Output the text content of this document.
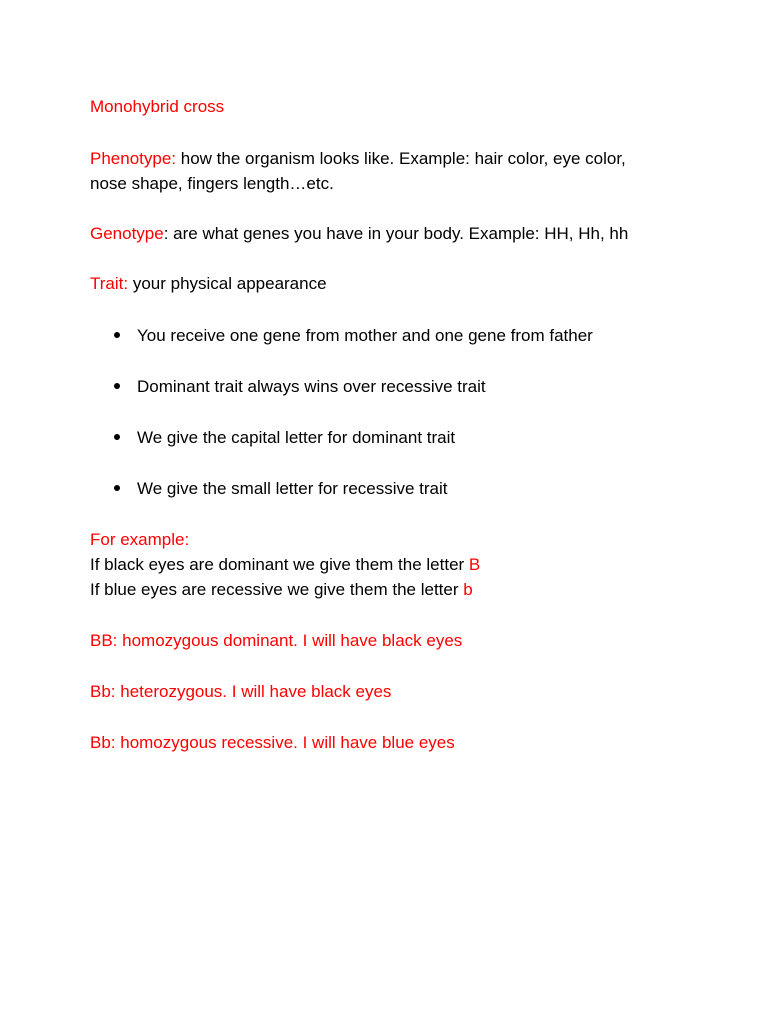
Monohybrid cross
Phenotype: how the organism looks like. Example: hair color, eye color,
nose shape, fingers length…etc.
Genotype: are what genes you have in your body. Example: HH, Hh, hh
Trait: your physical appearance
You receive one gene from mother and one gene from father
Dominant trait always wins over recessive trait
We give the capital letter for dominant trait
We give the small letter for recessive trait
For example:
If black eyes are dominant we give them the letter B
If blue eyes are recessive we give them the letter b
BB: homozygous dominant. I will have black eyes
Bb: heterozygous. I will have black eyes
Bb: homozygous recessive. I will have blue eyes
